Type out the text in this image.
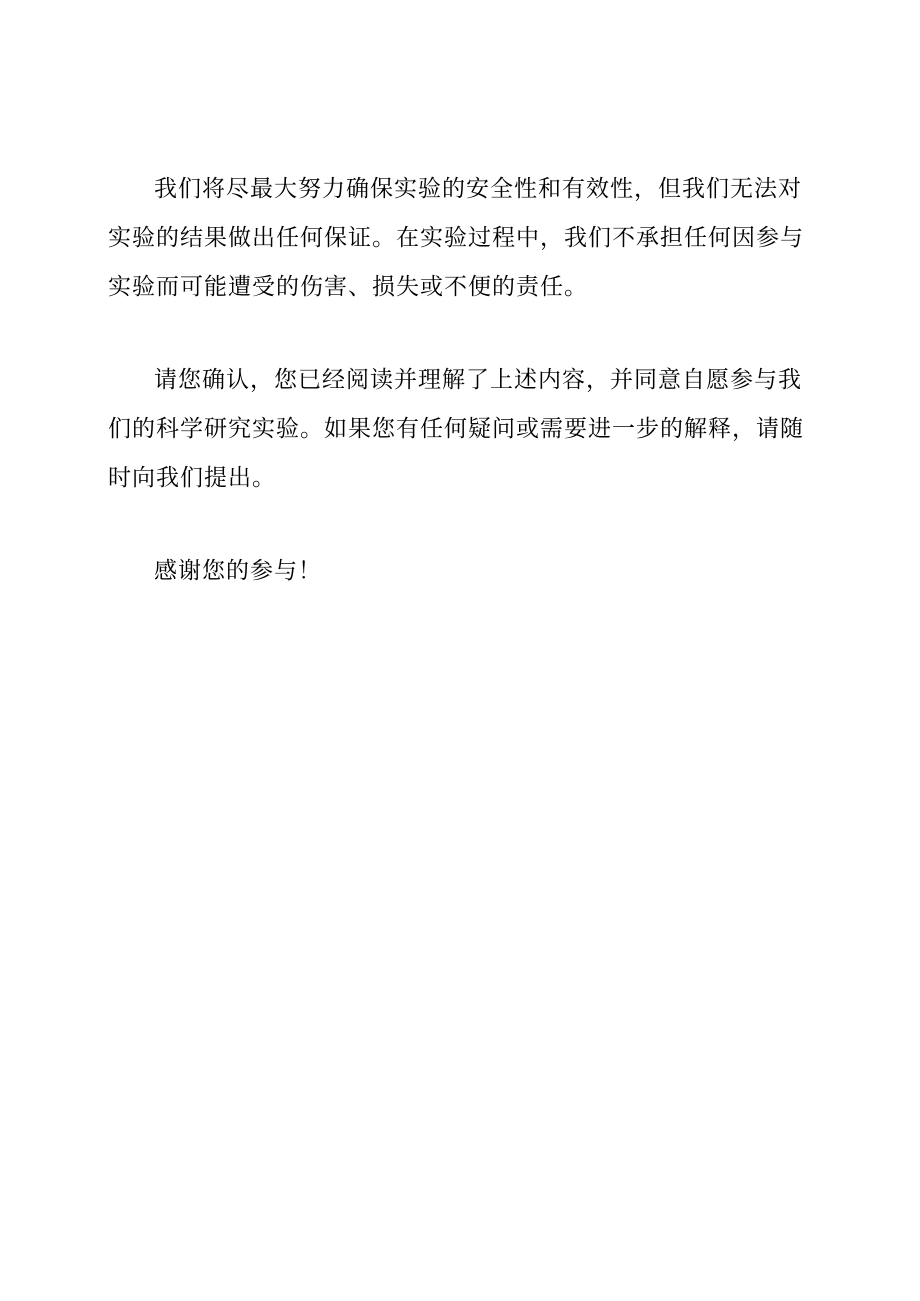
我们将尽最大努力确保实验的安全性和有效性，但我们无法对实验的结果做出任何保证。在实验过程中，我们不承担任何因参与实验而可能遭受的伤害、损失或不便的责任。

请您确认，您已经阅读并理解了上述内容，并同意自愿参与我们的科学研究实验。如果您有任何疑问或需要进一步的解释，请随时向我们提出。

感谢您的参与！
